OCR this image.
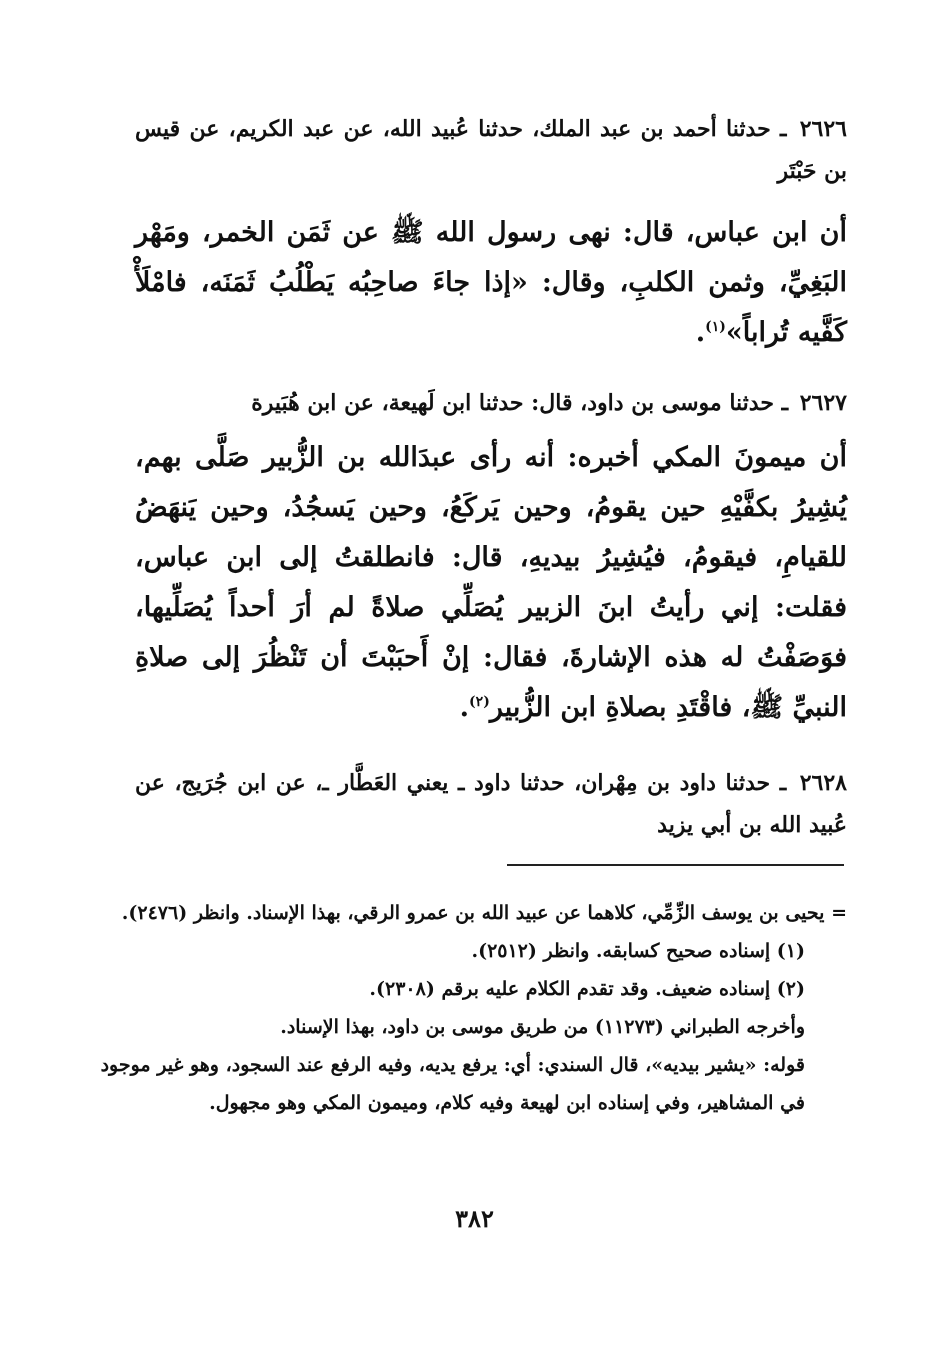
٢٦٢٦ ـ حدثنا أحمد بن عبد الملك، حدثنا عُبيد الله، عن عبد الكريم، عن قيس بن حَبْتَر
أن ابن عباس، قال: نهى رسول الله ﷺ عن ثَمَن الخمر، ومَهْر البَغِيِّ، وثمن الكلبِ، وقال: «إذا جاءَ صاحِبُه يَطْلُبُ ثَمَنَه، فامْلَأْ كَفَّيه تُراباً»$^{(١)}$.
٢٦٢٧ ـ حدثنا موسى بن داود، قال: حدثنا ابن لَهيعة، عن ابن هُبَيرة
أن ميمونَ المكي أخبره: أنه رأى عبدَالله بن الزُّبير صَلَّى بهم، يُشِيرُ بكفَّيْهِ حين يقومُ، وحين يَركَعُ، وحين يَسجُدُ، وحين يَنهَضُ للقيامِ، فيقومُ، فيُشِيرُ بيديهِ، قال: فانطلقتُ إلى ابن عباس، فقلت: إني رأيتُ ابنَ الزبير يُصَلِّي صلاةً لم أرَ أحداً يُصَلِّيها، فوَصَفْتُ له هذه الإشارةَ، فقال: إنْ أَحبَبْتَ أن تَنْظُرَ إلى صلاةِ النبيِّ ﷺ، فاقْتَدِ بصلاةِ ابن الزُّبير$^{(٢)}$.
٢٦٢٨ ـ حدثنا داود بن مِهْران، حدثنا داود ـ يعني العَطَّار ـ، عن ابن جُرَيج، عن عُبيد الله بن أبي يزيد
= يحيى بن يوسف الزِّمِّي، كلاهما عن عبيد الله بن عمرو الرقي، بهذا الإسناد. وانظر (٢٤٧٦).
(١) إسناده صحيح كسابقه. وانظر (٢٥١٢).
(٢) إسناده ضعيف. وقد تقدم الكلام عليه برقم (٢٣٠٨).
وأخرجه الطبراني (١١٢٧٣) من طريق موسى بن داود، بهذا الإسناد.
قوله: «يشير بيديه»، قال السندي: أي: يرفع يديه، وفيه الرفع عند السجود، وهو غير موجود في المشاهير، وفي إسناده ابن لهيعة وفيه كلام، وميمون المكي وهو مجهول.
٣٨٢
